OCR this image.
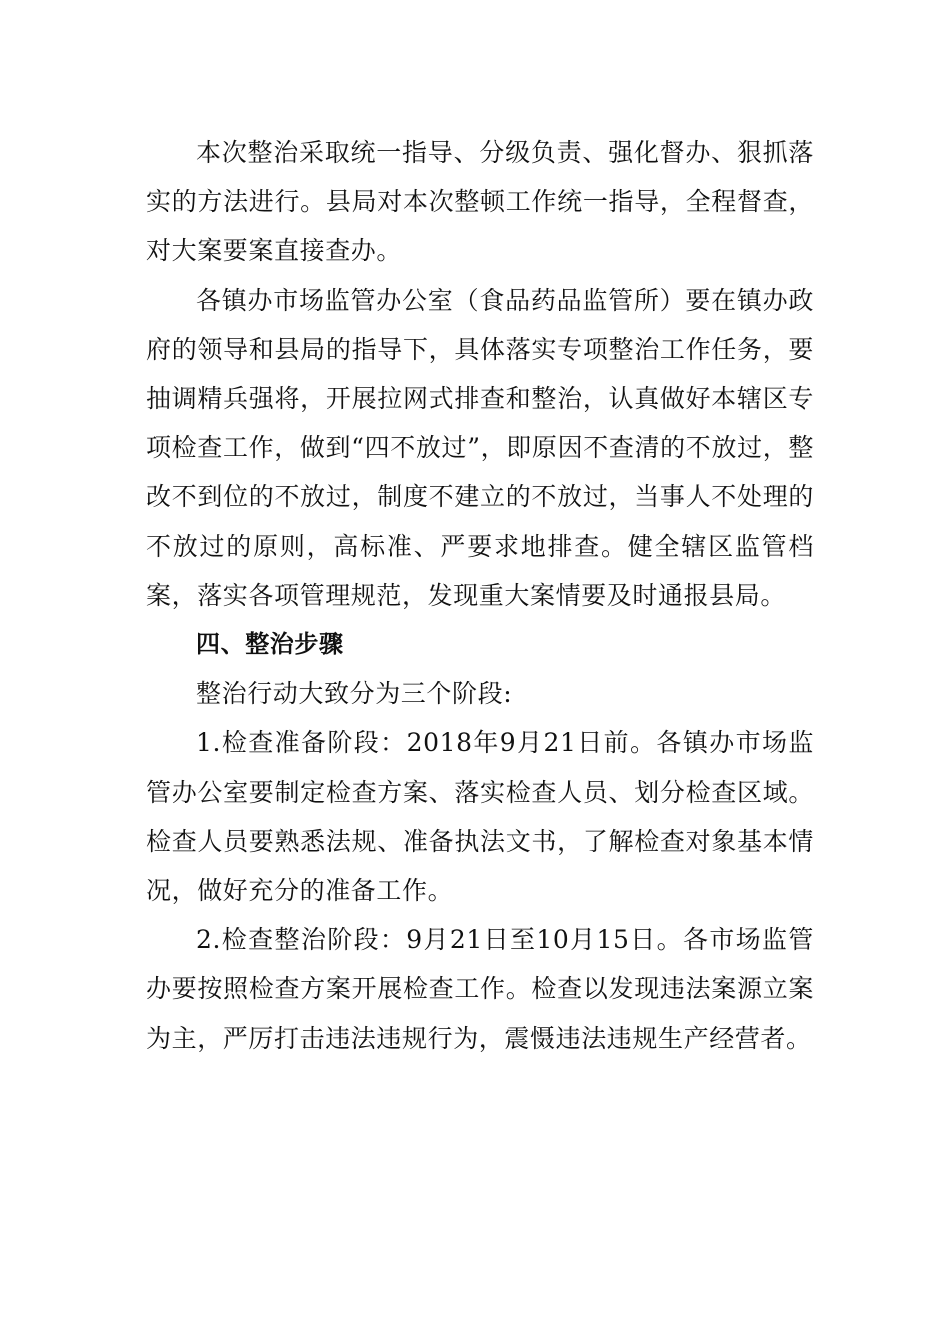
本次整治采取统一指导、分级负责、强化督办、狠抓落实的方法进行。县局对本次整顿工作统一指导，全程督查，对大案要案直接查办。

各镇办市场监管办公室（食品药品监管所）要在镇办政府的领导和县局的指导下，具体落实专项整治工作任务，要抽调精兵强将，开展拉网式排查和整治，认真做好本辖区专项检查工作，做到“四不放过”，即原因不查清的不放过，整改不到位的不放过，制度不建立的不放过，当事人不处理的不放过的原则，高标准、严要求地排查。健全辖区监管档案，落实各项管理规范，发现重大案情要及时通报县局。

四、整治步骤

整治行动大致分为三个阶段:

1.检查准备阶段：2018年9月21日前。各镇办市场监管办公室要制定检查方案、落实检查人员、划分检查区域。检查人员要熟悉法规、准备执法文书，了解检查对象基本情况，做好充分的准备工作。

2.检查整治阶段：9月21日至10月15日。各市场监管办要按照检查方案开展检查工作。检查以发现违法案源立案为主，严厉打击违法违规行为，震慑违法违规生产经营者。
